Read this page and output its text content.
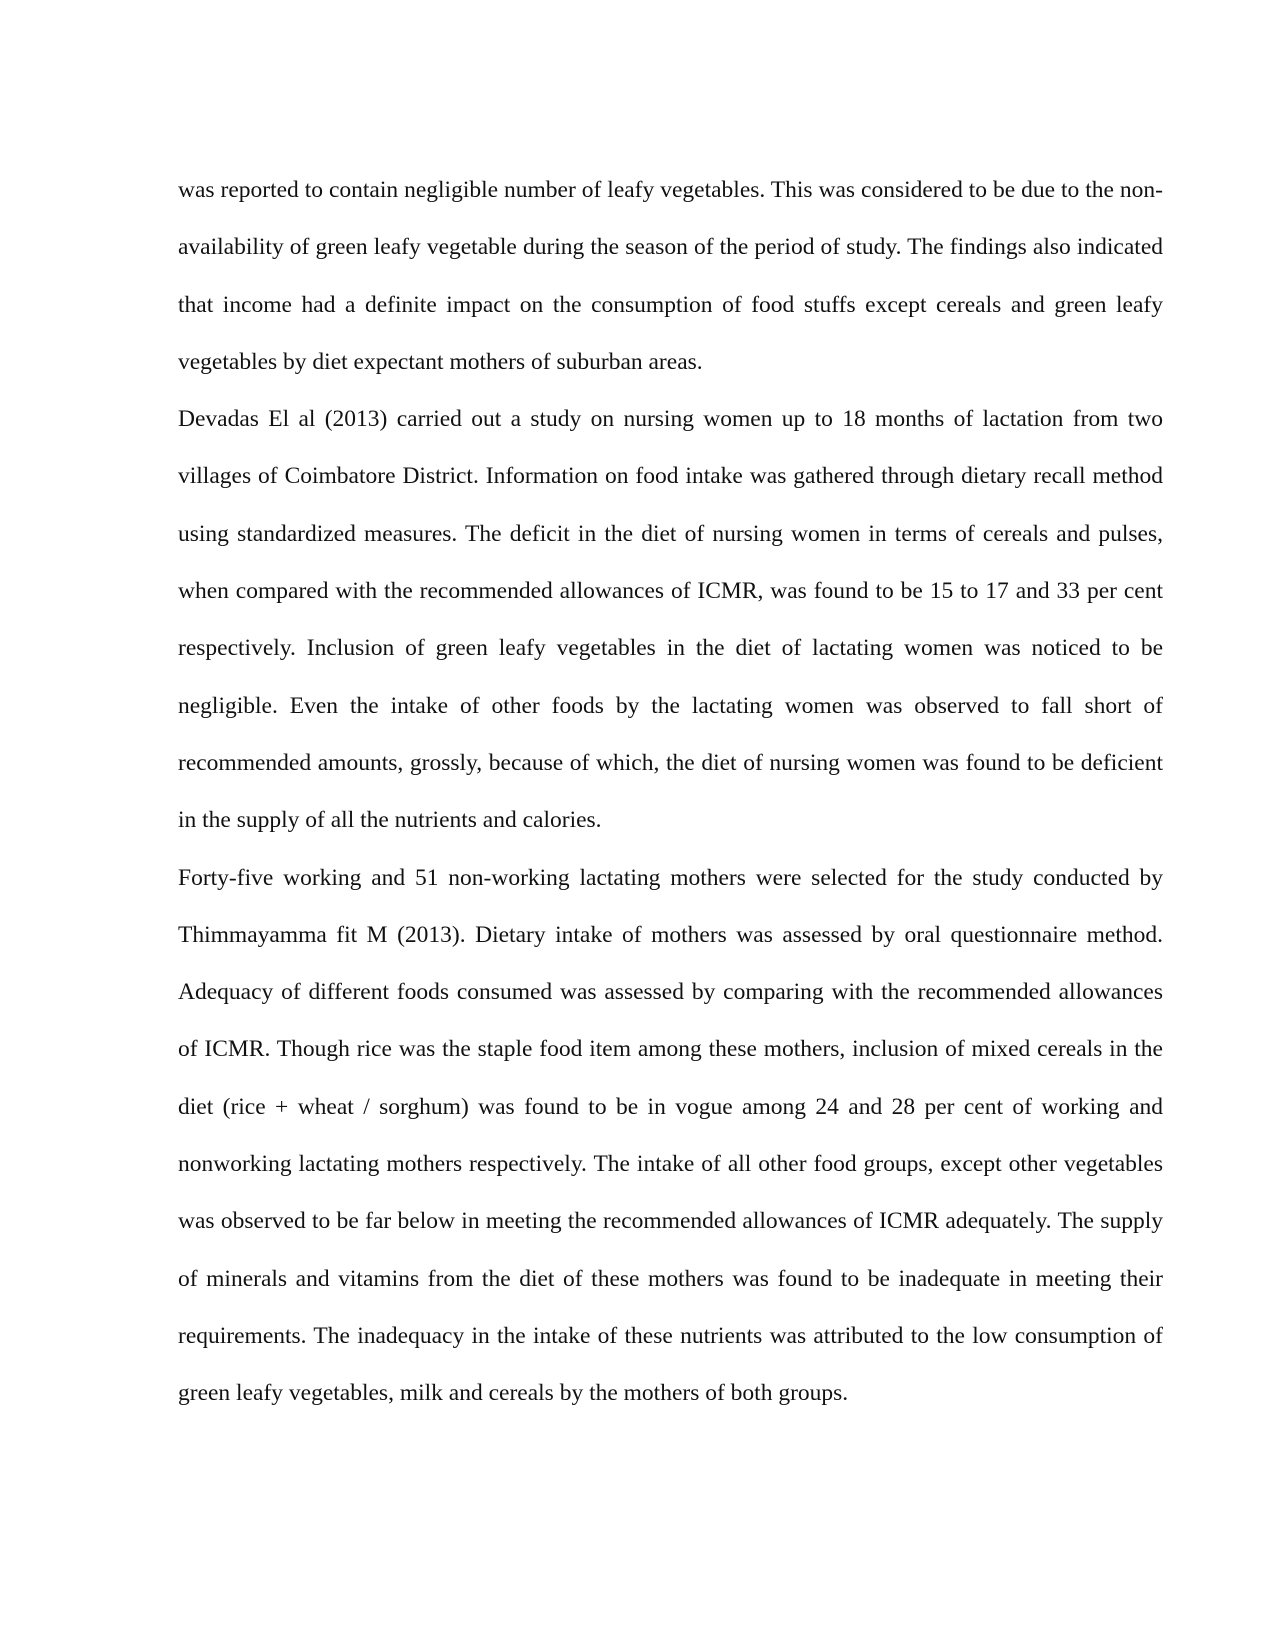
was reported to contain negligible number of leafy vegetables. This was considered to be due to the non-availability of green leafy vegetable during the season of the period of study. The findings also indicated that income had a definite impact on the consumption of food stuffs except cereals and green leafy vegetables by diet expectant mothers of suburban areas.

Devadas El al (2013) carried out a study on nursing women up to 18 months of lactation from two villages of Coimbatore District. Information on food intake was gathered through dietary recall method using standardized measures. The deficit in the diet of nursing women in terms of cereals and pulses, when compared with the recommended allowances of ICMR, was found to be 15 to 17 and 33 per cent respectively. Inclusion of green leafy vegetables in the diet of lactating women was noticed to be negligible. Even the intake of other foods by the lactating women was observed to fall short of recommended amounts, grossly, because of which, the diet of nursing women was found to be deficient in the supply of all the nutrients and calories.

Forty-five working and 51 non-working lactating mothers were selected for the study conducted by Thimmayamma fit M (2013). Dietary intake of mothers was assessed by oral questionnaire method. Adequacy of different foods consumed was assessed by comparing with the recommended allowances of ICMR. Though rice was the staple food item among these mothers, inclusion of mixed cereals in the diet (rice + wheat / sorghum) was found to be in vogue among 24 and 28 per cent of working and nonworking lactating mothers respectively. The intake of all other food groups, except other vegetables was observed to be far below in meeting the recommended allowances of ICMR adequately. The supply of minerals and vitamins from the diet of these mothers was found to be inadequate in meeting their requirements. The inadequacy in the intake of these nutrients was attributed to the low consumption of green leafy vegetables, milk and cereals by the mothers of both groups.
